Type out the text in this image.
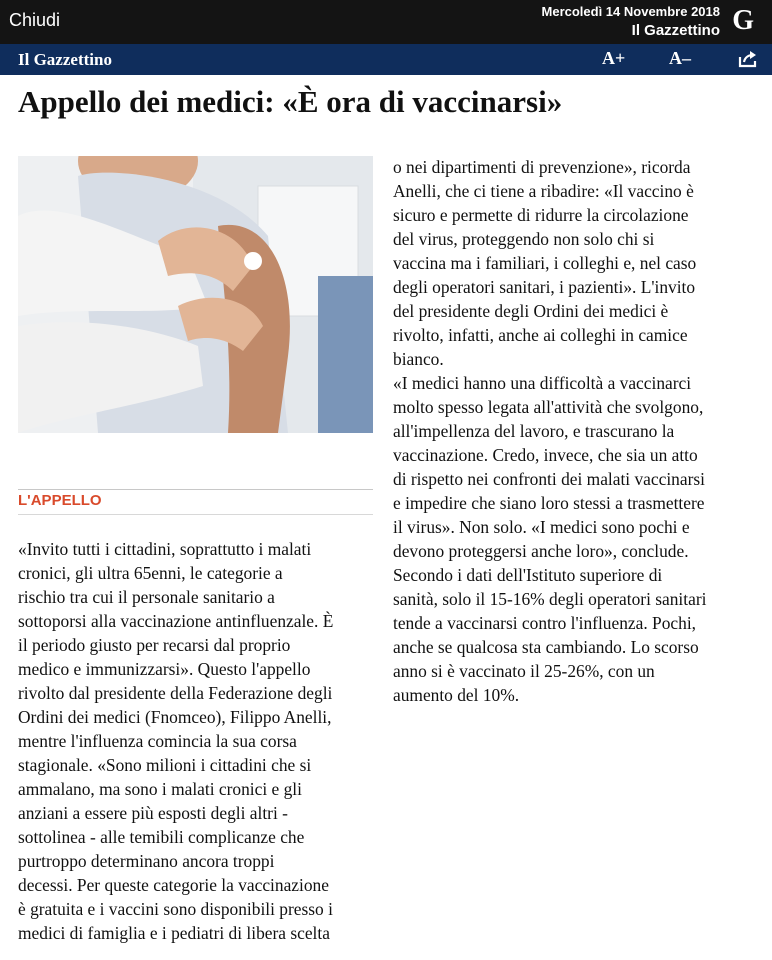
Chiudi	Mercoledì 14 Novembre 2018
Il Gazzettino G
Il Gazzettino	A+ A–
Appello dei medici: «È ora di vaccinarsi»
L'APPELLO

«Invito tutti i cittadini, soprattutto i malati

cronici, gli ultra 65enni, le categorie a

rischio tra cui il personale sanitario a

sottoporsi alla vaccinazione antinfluenzale. È

il periodo giusto per recarsi dal proprio

medico e immunizzarsi». Questo l'appello

rivolto dal presidente della Federazione degli

Ordini dei medici (Fnomceo), Filippo Anelli,

mentre l'influenza comincia la sua corsa

stagionale. «Sono milioni i cittadini che si

ammalano, ma sono i malati cronici e gli

anziani a essere più esposti degli altri -

sottolinea - alle temibili complicanze che

purtroppo determinano ancora troppi

decessi. Per queste categorie la vaccinazione

è gratuita e i vaccini sono disponibili presso i

medici di famiglia e i pediatri di libera scelta

o nei dipartimenti di prevenzione», ricorda

Anelli, che ci tiene a ribadire: «Il vaccino è

sicuro e permette di ridurre la circolazione

del virus, proteggendo non solo chi si

vaccina ma i familiari, i colleghi e, nel caso

degli operatori sanitari, i pazienti». L'invito

del presidente degli Ordini dei medici è

rivolto, infatti, anche ai colleghi in camice

bianco.

«I medici hanno una difficoltà a vaccinarci

molto spesso legata all'attività che svolgono,

all'impellenza del lavoro, e trascurano la

vaccinazione. Credo, invece, che sia un atto

di rispetto nei confronti dei malati vaccinarsi

e impedire che siano loro stessi a trasmettere

il virus». Non solo. «I medici sono pochi e

devono proteggersi anche loro», conclude.

Secondo i dati dell'Istituto superiore di

sanità, solo il 15-16% degli operatori sanitari

tende a vaccinarsi contro l'influenza. Pochi,

anche se qualcosa sta cambiando. Lo scorso

anno si è vaccinato il 25-26%, con un

aumento del 10%.
